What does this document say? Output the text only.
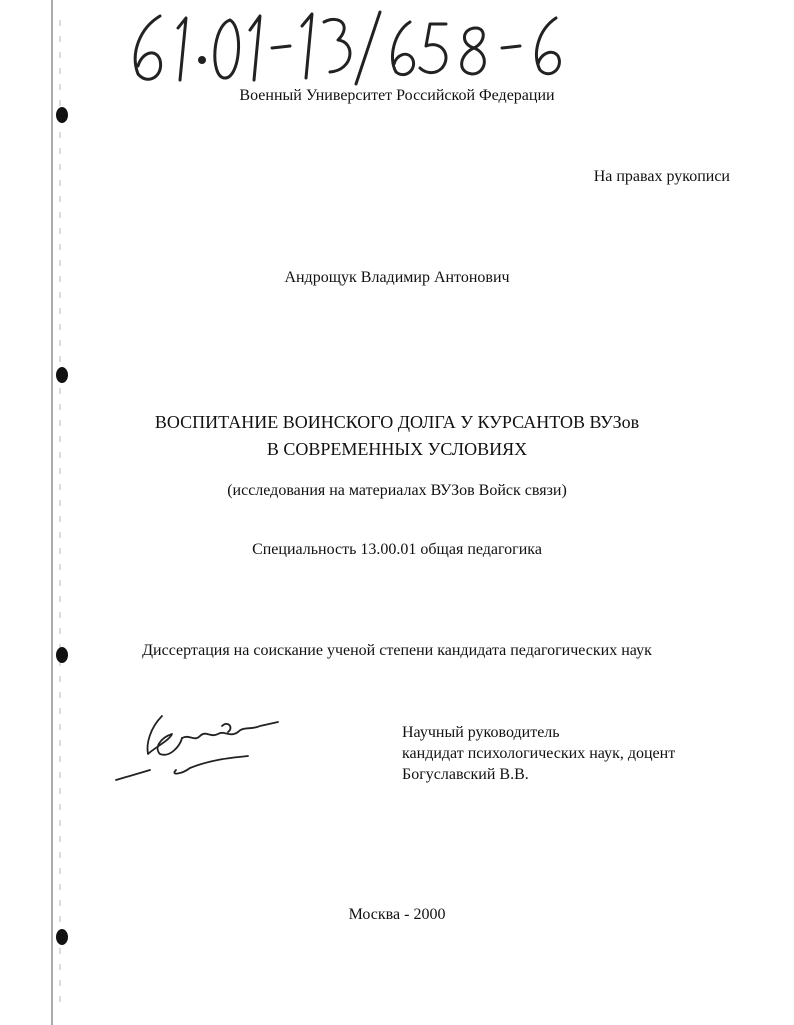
Военный Университет Российской Федерации
На правах рукописи
Андрощук Владимир Антонович
ВОСПИТАНИЕ ВОИНСКОГО ДОЛГА У КУРСАНТОВ ВУЗов
В СОВРЕМЕННЫХ УСЛОВИЯХ
(исследования на материалах ВУЗов Войск связи)
Специальность 13.00.01 общая педагогика
Диссертация на соискание ученой степени кандидата педагогических наук
Научный руководитель
кандидат психологических наук, доцент
Богуславский В.В.
Москва - 2000
